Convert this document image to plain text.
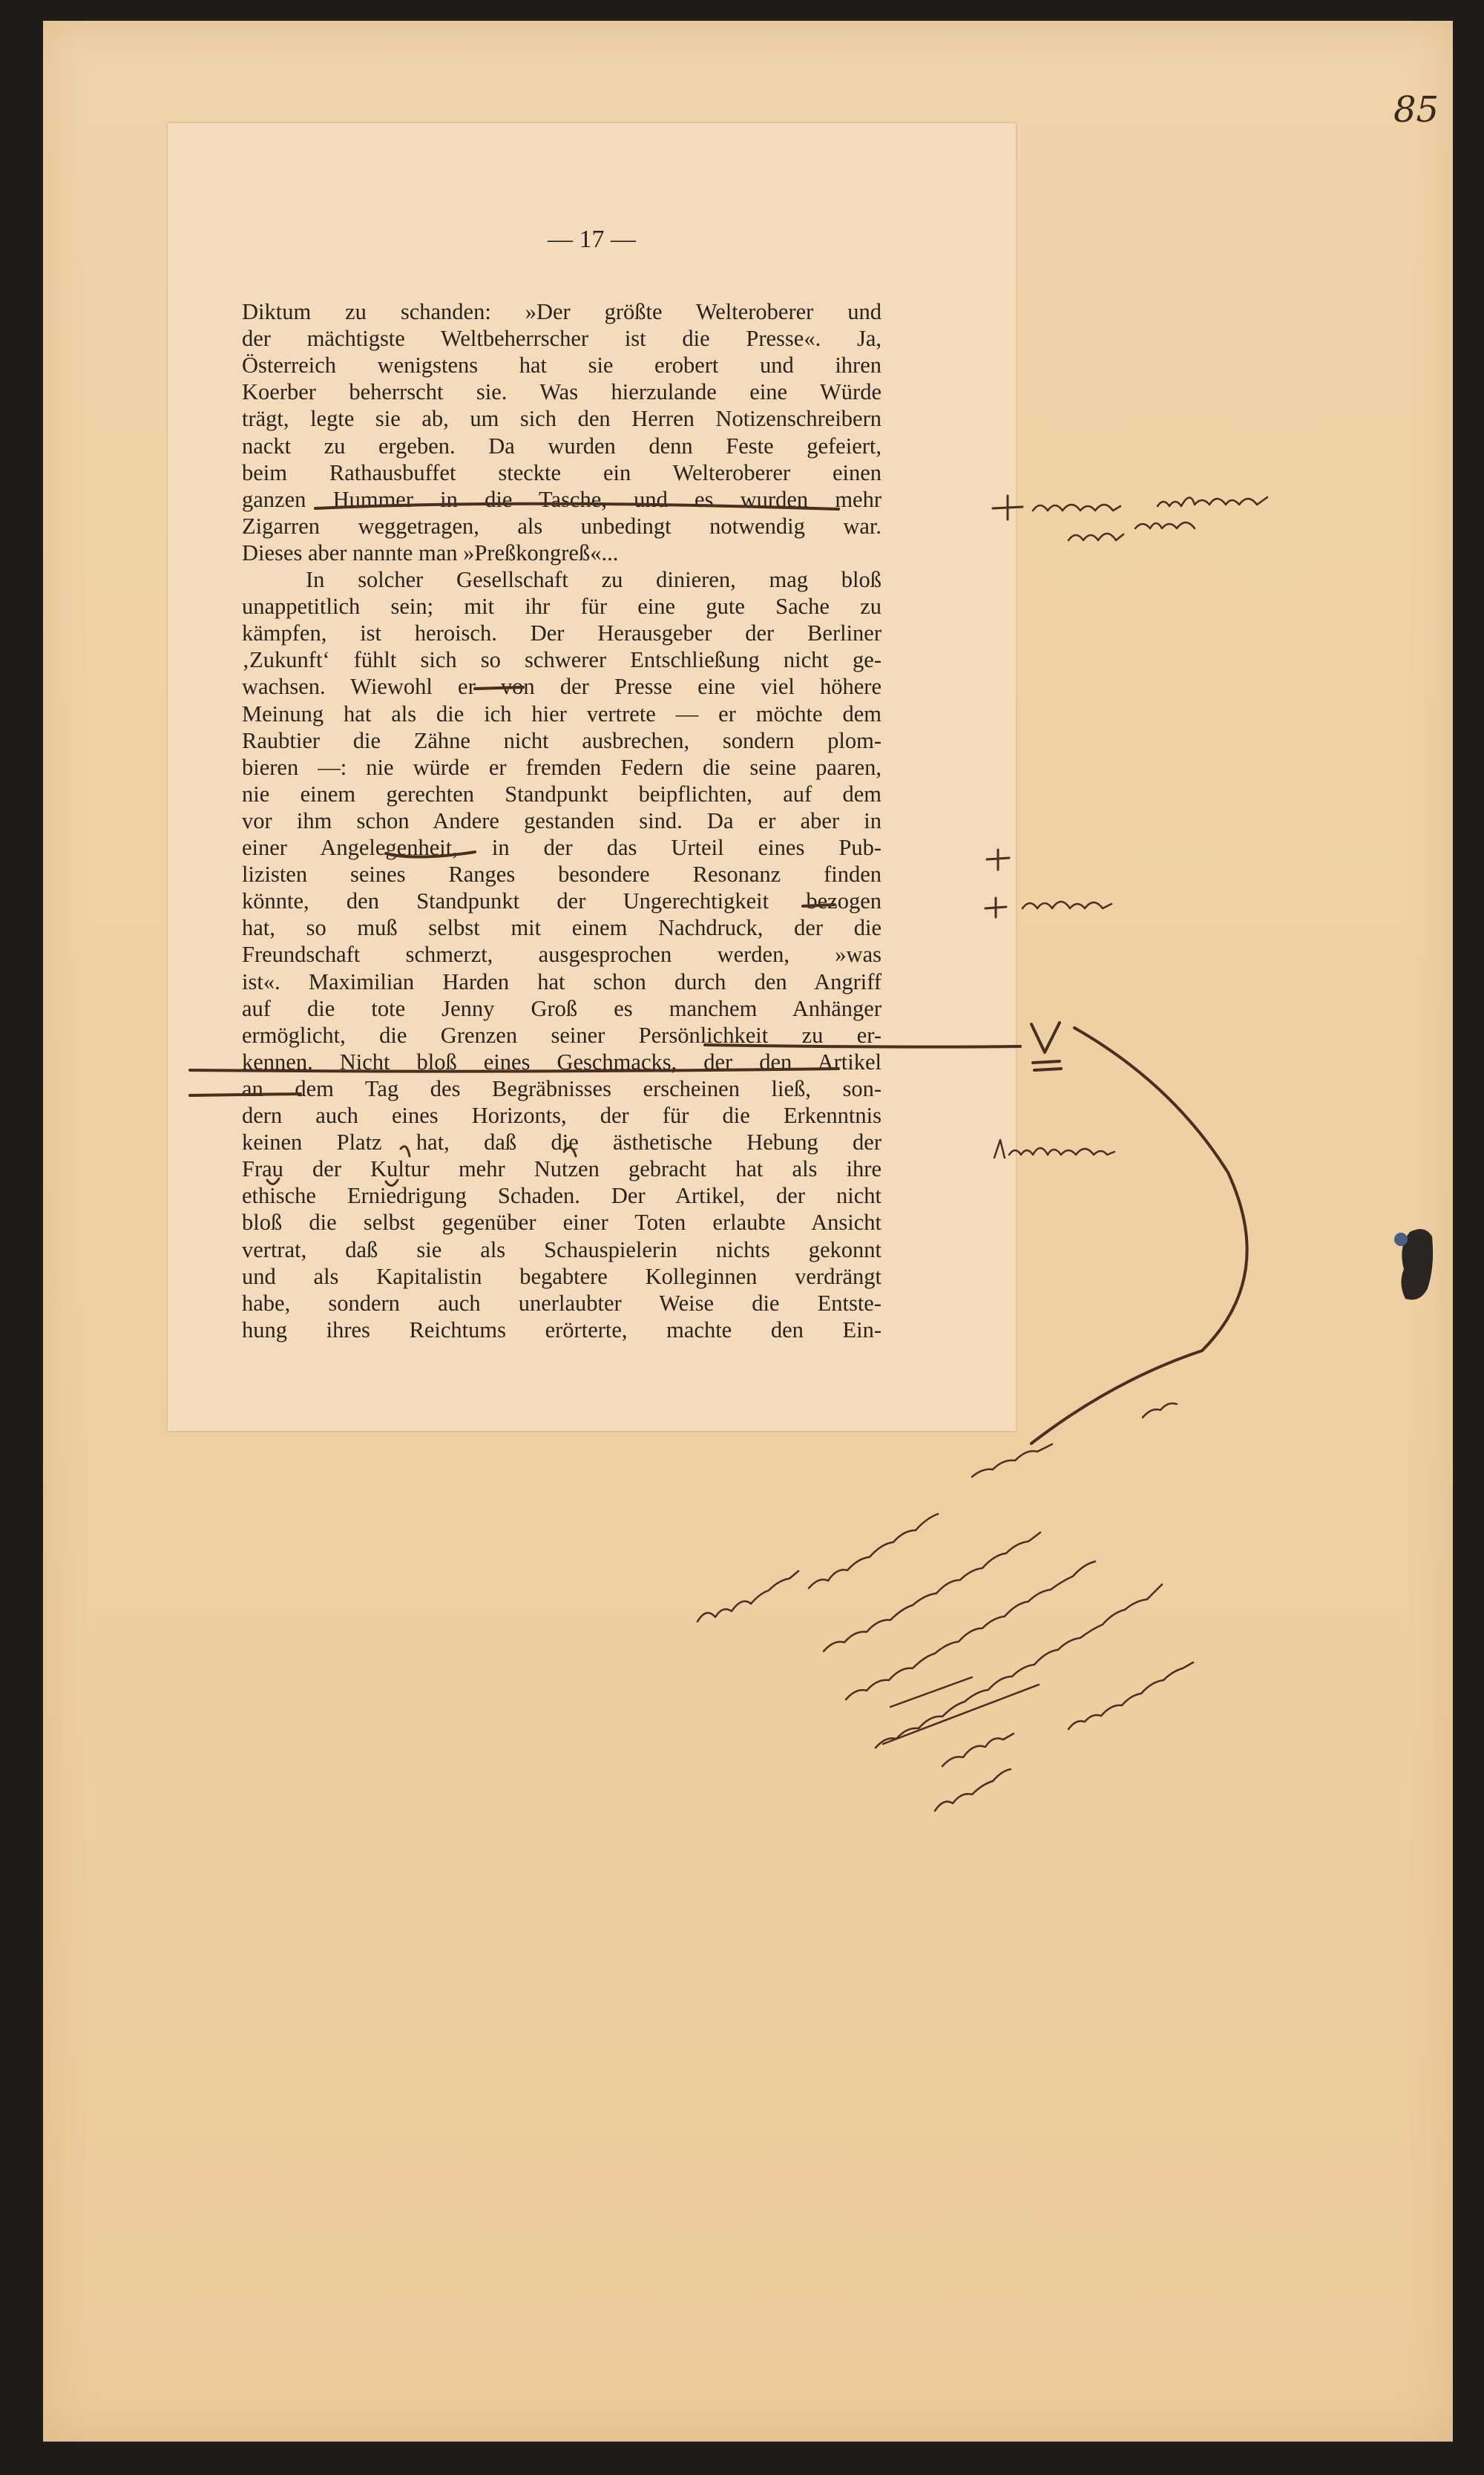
85
— 17 —
Diktum zu schanden: »Der größte Welteroberer und
der mächtigste Weltbeherrscher ist die Presse«. Ja,
Österreich wenigstens hat sie erobert und ihren
Koerber beherrscht sie. Was hierzulande eine Würde
trägt, legte sie ab, um sich den Herren Notizenschreibern
nackt zu ergeben. Da wurden denn Feste gefeiert,
beim Rathausbuffet steckte ein Welteroberer einen
ganzen Hummer in die Tasche, und es wurden mehr
Zigarren weggetragen, als unbedingt notwendig war.
Dieses aber nannte man »Preßkongreß«...
In solcher Gesellschaft zu dinieren, mag bloß
unappetitlich sein; mit ihr für eine gute Sache zu
kämpfen, ist heroisch. Der Herausgeber der Berliner
‚Zukunft‘ fühlt sich so schwerer Entschließung nicht ge-
wachsen. Wiewohl er von der Presse eine viel höhere
Meinung hat als die ich hier vertrete — er möchte dem
Raubtier die Zähne nicht ausbrechen, sondern plom-
bieren —: nie würde er fremden Federn die seine paaren,
nie einem gerechten Standpunkt beipflichten, auf dem
vor ihm schon Andere gestanden sind. Da er aber in
einer Angelegenheit, in der das Urteil eines Pub-
lizisten seines Ranges besondere Resonanz finden
könnte, den Standpunkt der Ungerechtigkeit bezogen
hat, so muß selbst mit einem Nachdruck, der die
Freundschaft schmerzt, ausgesprochen werden, »was
ist«. Maximilian Harden hat schon durch den Angriff
auf die tote Jenny Groß es manchem Anhänger
ermöglicht, die Grenzen seiner Persönlichkeit zu er-
kennen. Nicht bloß eines Geschmacks, der den Artikel
an dem Tag des Begräbnisses erscheinen ließ, son-
dern auch eines Horizonts, der für die Erkenntnis
keinen Platz hat, daß die ästhetische Hebung der
Frau der Kultur mehr Nutzen gebracht hat als ihre
ethische Erniedrigung Schaden. Der Artikel, der nicht
bloß die selbst gegenüber einer Toten erlaubte Ansicht
vertrat, daß sie als Schauspielerin nichts gekonnt
und als Kapitalistin begabtere Kolleginnen verdrängt
habe, sondern auch unerlaubter Weise die Entste-
hung ihres Reichtums erörterte, machte den Ein-
